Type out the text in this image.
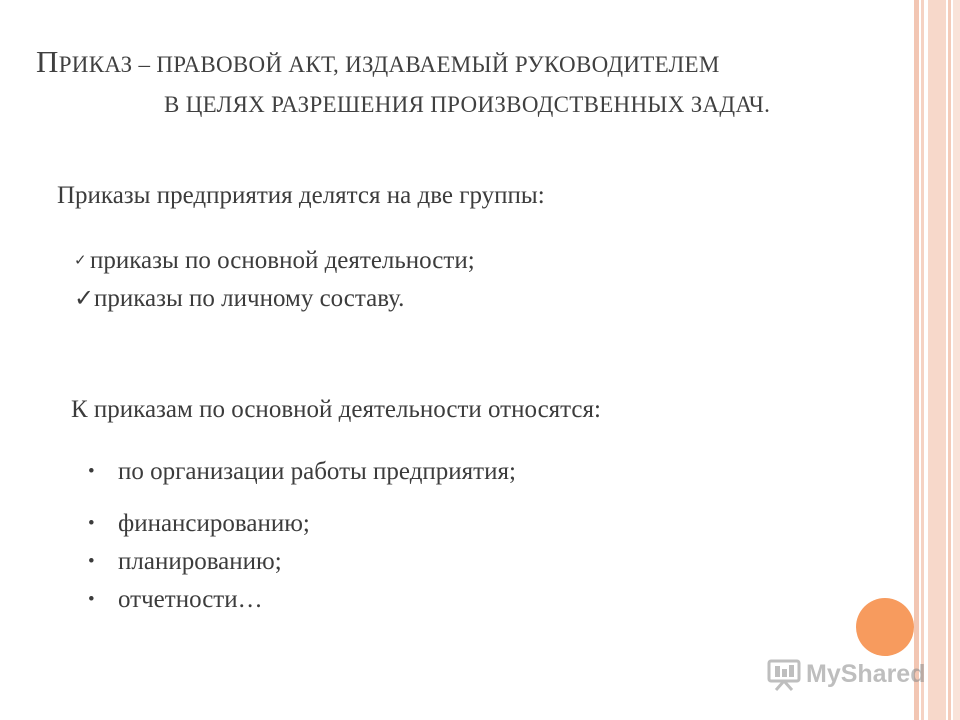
ПРИКАЗ – ПРАВОВОЙ АКТ, ИЗДАВАЕМЫЙ РУКОВОДИТЕЛЕМ
В ЦЕЛЯХ РАЗРЕШЕНИЯ ПРОИЗВОДСТВЕННЫХ ЗАДАЧ.
Приказы предприятия делятся на две группы:
✓ приказы по основной деятельности;
✓приказы по личному составу.
К приказам по основной деятельности относятся:
• по организации работы предприятия;
• финансированию;
• планированию;
• отчетности…
MyShared
